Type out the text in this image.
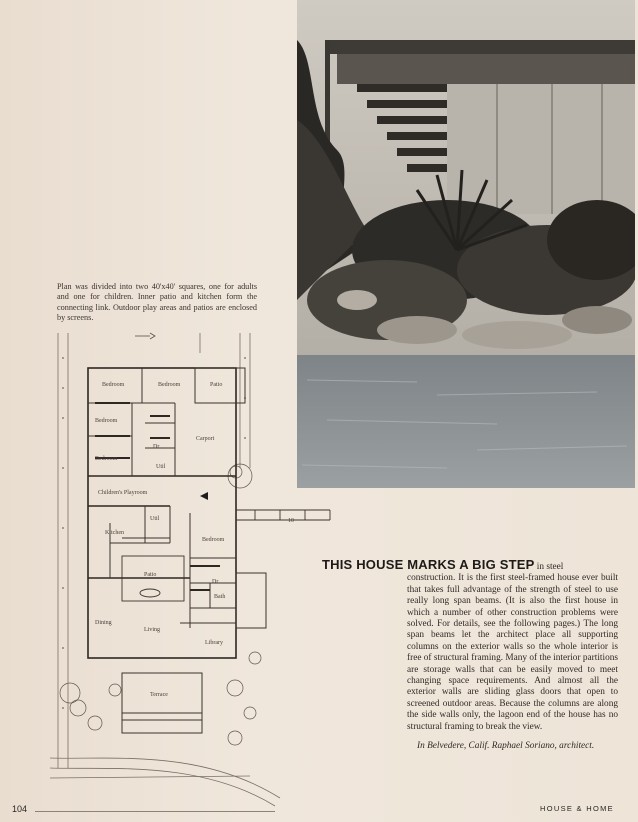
Plan was divided into two 40'x40' squares, one for adults and one for children. Inner patio and kitchen form the connecting link. Outdoor play areas and patios are enclosed by screens.
Bedroom	Bedroom	Patio
Bedroom
Carport
Bedroom
Dr
Util
Children's Playroom
Util
Kitchen
Bedroom
Patio
Dr
Bath
Dining
Living
Library
Terrace
10
THIS HOUSE MARKS A BIG STEP in steel
construction. It is the first steel-framed house ever built that takes full advantage of the strength of steel to use really long span beams. (It is also the first house in which a number of other construction problems were solved. For details, see the following pages.) The long span beams let the architect place all supporting columns on the exterior walls so the whole interior is free of structural framing. Many of the interior partitions are storage walls that can be easily moved to meet changing space requirements. And almost all the exterior walls are sliding glass doors that open to screened outdoor areas. Because the columns are along the side walls only, the lagoon end of the house has no structural framing to break the view.
In Belvedere, Calif. Raphael Soriano, architect.
104	HOUSE & HOME
